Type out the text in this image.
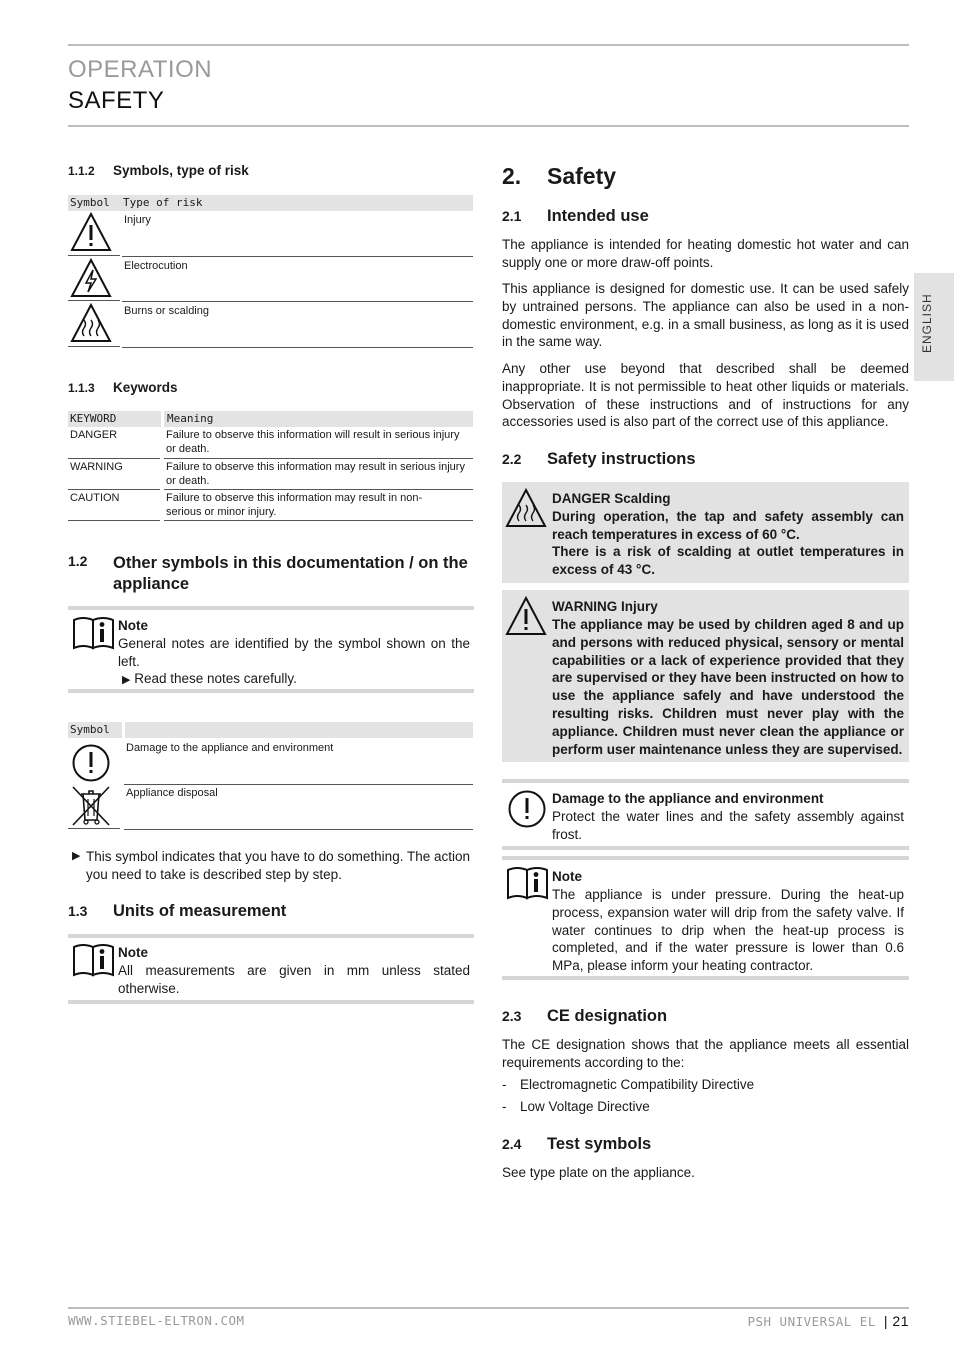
OPERATION
SAFETY
ENGLISH
1.1.2 Symbols, type of risk
Symbol Type of risk
Injury
Electrocution
Burns or scalding
1.1.3 Keywords
KEYWORD	Meaning
DANGER	Failure to observe this information will result in serious injury or death.
WARNING	Failure to observe this information may result in serious injury or death.
CAUTION	Failure to observe this information may result in non-serious or minor injury.
1.2	Other symbols in this documentation / on the appliance
Note
General notes are identified by the symbol shown on the left.
▶ Read these notes carefully.
Symbol
Damage to the appliance and environment
Appliance disposal
▶ This symbol indicates that you have to do something. The action you need to take is described step by step.
1.3 Units of measurement
Note
All measurements are given in mm unless stated otherwise.
2. Safety
2.1 Intended use
The appliance is intended for heating domestic hot water and can supply one or more draw-off points.
This appliance is designed for domestic use. It can be used safely by untrained persons. The appliance can also be used in a non-domestic environment, e.g. in a small business, as long as it is used in the same way.
Any other use beyond that described shall be deemed inappropriate. It is not permissible to heat other liquids or materials. Observation of these instructions and of instructions for any accessories used is also part of the correct use of this appliance.
2.2 Safety instructions
DANGER Scalding
During operation, the tap and safety assembly can reach temperatures in excess of 60 °C.
There is a risk of scalding at outlet temperatures in excess of 43 °C.
WARNING Injury
The appliance may be used by children aged 8 and up and persons with reduced physical, sensory or mental capabilities or a lack of experience provided that they are supervised or they have been instructed on how to use the appliance safely and have understood the resulting risks. Children must never play with the appliance. Children must never clean the appliance or perform user maintenance unless they are supervised.
Damage to the appliance and environment
Protect the water lines and the safety assembly against frost.
Note
The appliance is under pressure. During the heat-up process, expansion water will drip from the safety valve. If water continues to drip when the heat-up process is completed, and if the water pressure is lower than 0.6 MPa, please inform your heating contractor.
2.3 CE designation
The CE designation shows that the appliance meets all essential requirements according to the:
- Electromagnetic Compatibility Directive
- Low Voltage Directive
2.4 Test symbols
See type plate on the appliance.
WWW.STIEBEL-ELTRON.COM	PSH UNIVERSAL EL | 21
